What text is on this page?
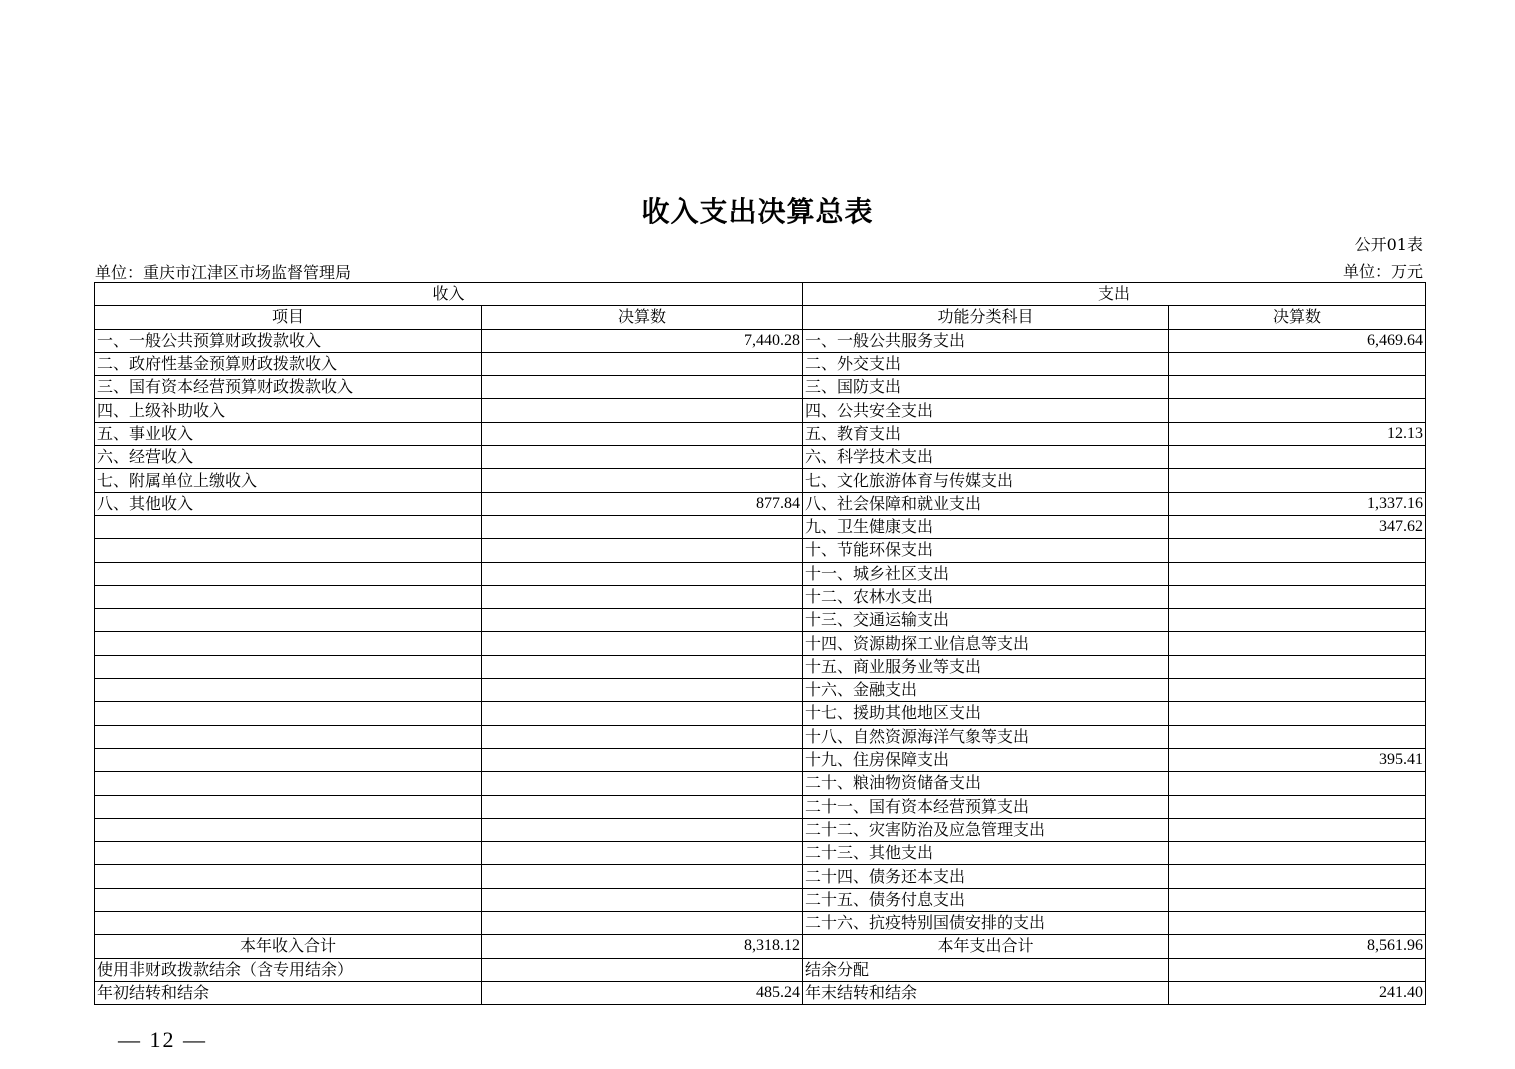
收入支出决算总表
公开01表
单位：重庆市江津区市场监督管理局	单位：万元
收入		支出	
项目	决算数	功能分类科目	决算数
一、一般公共预算财政拨款收入	7,440.28	一、一般公共服务支出	6,469.64
二、政府性基金预算财政拨款收入		二、外交支出	
三、国有资本经营预算财政拨款收入		三、国防支出	
四、上级补助收入		四、公共安全支出	
五、事业收入		五、教育支出	12.13
六、经营收入		六、科学技术支出	
七、附属单位上缴收入		七、文化旅游体育与传媒支出	
八、其他收入	877.84	八、社会保障和就业支出	1,337.16
		九、卫生健康支出	347.62
		十、节能环保支出	
		十一、城乡社区支出	
		十二、农林水支出	
		十三、交通运输支出	
		十四、资源勘探工业信息等支出	
		十五、商业服务业等支出	
		十六、金融支出	
		十七、援助其他地区支出	
		十八、自然资源海洋气象等支出	
		十九、住房保障支出	395.41
		二十、粮油物资储备支出	
		二十一、国有资本经营预算支出	
		二十二、灾害防治及应急管理支出	
		二十三、其他支出	
		二十四、债务还本支出	
		二十五、债务付息支出	
		二十六、抗疫特别国债安排的支出	
本年收入合计	8,318.12	本年支出合计	8,561.96
使用非财政拨款结余（含专用结余）		结余分配	
年初结转和结余	485.24	年末结转和结余	241.40
— 12 —
